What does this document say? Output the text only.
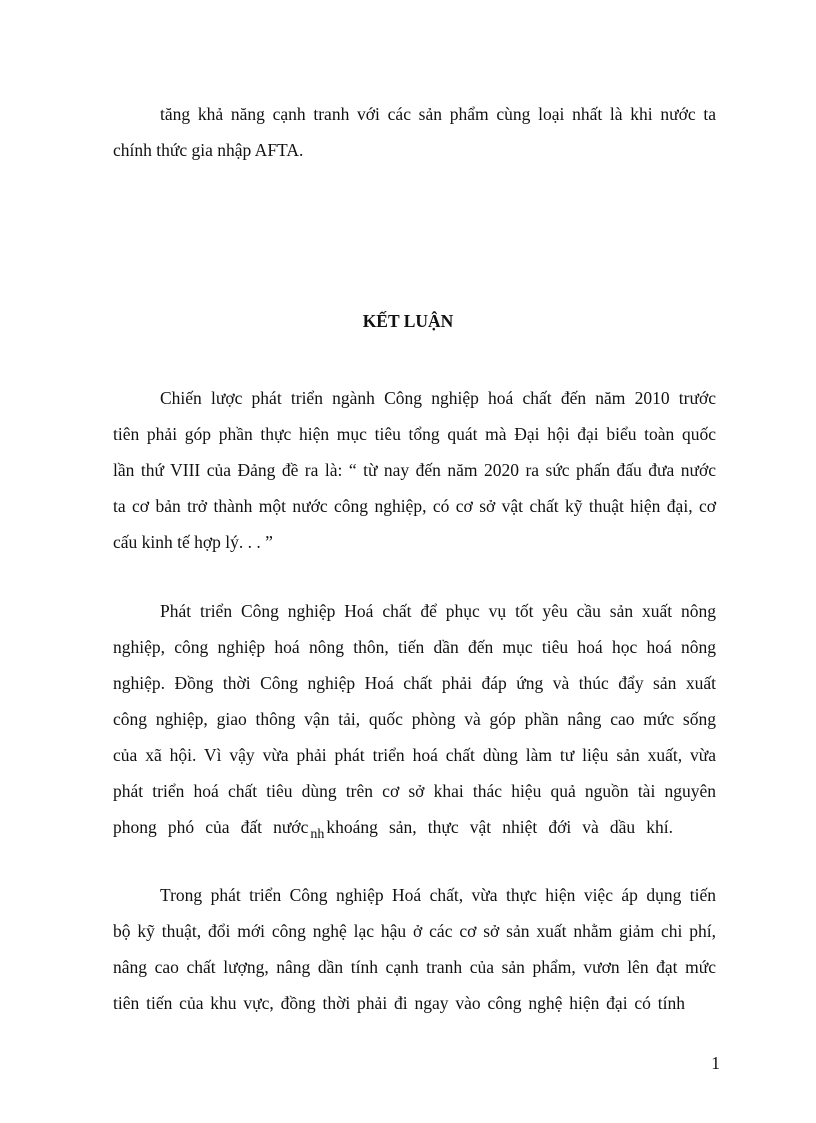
tăng khả năng cạnh tranh với các sản phẩm cùng loại nhất là khi nước ta

chính thức gia nhập AFTA.

KẾT LUẬN

Chiến lược phát triển ngành Công nghiệp hoá chất đến năm 2010 trước

tiên phải góp phần thực hiện mục tiêu tổng quát mà Đại hội đại biểu toàn quốc

lần thứ VIII của Đảng đề ra là: “ từ nay đến năm 2020 ra sức phấn đấu đưa nước

ta cơ bản trở thành một nước công nghiệp, có cơ sở vật chất kỹ thuật hiện đại, cơ

cấu kinh tế hợp lý. . . ”

Phát triển Công nghiệp Hoá chất để phục vụ tốt yêu cầu sản xuất nông

nghiệp, công nghiệp hoá nông thôn, tiến dần đến mục tiêu hoá học hoá nông

nghiệp. Đồng thời Công nghiệp Hoá chất phải đáp ứng và thúc đẩy sản xuất

công nghiệp, giao thông vận tải, quốc phòng và góp phần nâng cao mức sống

của xã hội. Vì vậy vừa phải phát triển hoá chất dùng làm tư liệu sản xuất, vừa

phát triển hoá chất tiêu dùng trên cơ sở khai thác hiệu quả nguồn tài nguyên

phong phó của đất nước $_{nh}$ khoáng sản, thực vật nhiệt đới và dầu khí.

Trong phát triển Công nghiệp Hoá chất, vừa thực hiện việc áp dụng tiến

bộ kỹ thuật, đổi mới công nghệ lạc hậu ở các cơ sở sản xuất nhằm giảm chi phí,

nâng cao chất lượng, nâng dần tính cạnh tranh của sản phẩm, vươn lên đạt mức

tiên tiến của khu vực, đồng thời phải đi ngay vào công nghệ hiện đại có tính

1
